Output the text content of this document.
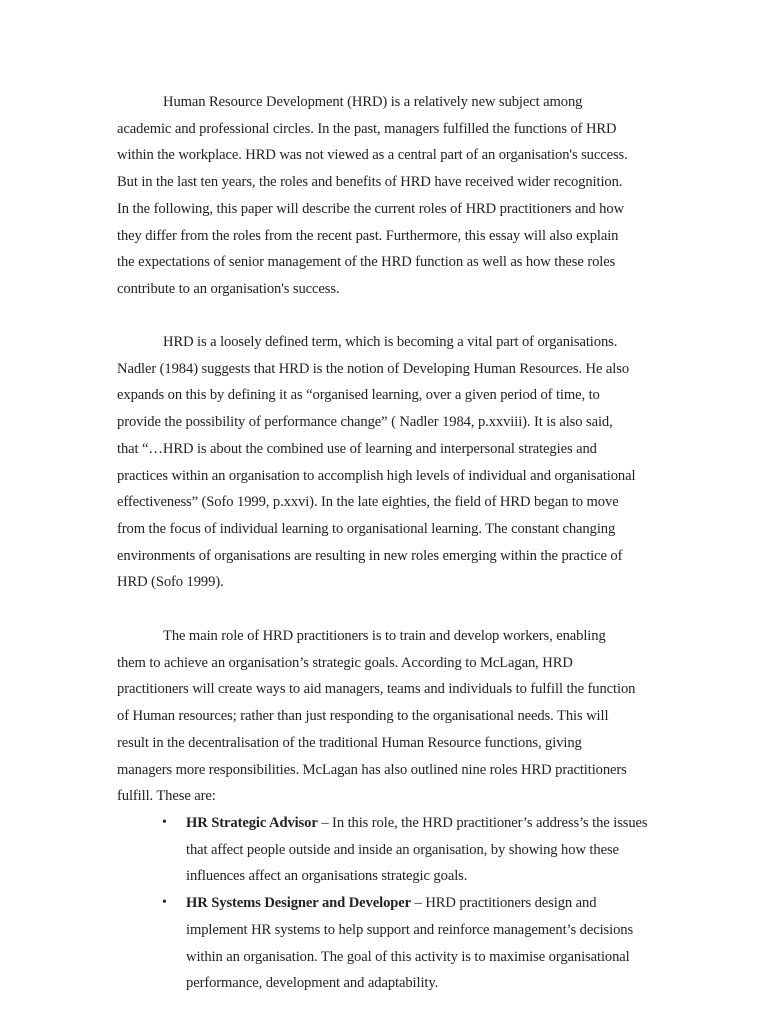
Human Resource Development (HRD) is a relatively new subject among academic and professional circles. In the past, managers fulfilled the functions of HRD within the workplace. HRD was not viewed as a central part of an organisation's success. But in the last ten years, the roles and benefits of HRD have received wider recognition. In the following, this paper will describe the current roles of HRD practitioners and how they differ from the roles from the recent past. Furthermore, this essay will also explain the expectations of senior management of the HRD function as well as how these roles contribute to an organisation's success.

HRD is a loosely defined term, which is becoming a vital part of organisations. Nadler (1984) suggests that HRD is the notion of Developing Human Resources. He also expands on this by defining it as “organised learning, over a given period of time, to provide the possibility of performance change” ( Nadler 1984, p.xxviii). It is also said, that “…HRD is about the combined use of learning and interpersonal strategies and practices within an organisation to accomplish high levels of individual and organisational effectiveness” (Sofo 1999, p.xxvi). In the late eighties, the field of HRD began to move from the focus of individual learning to organisational learning. The constant changing environments of organisations are resulting in new roles emerging within the practice of HRD (Sofo 1999).

The main role of HRD practitioners is to train and develop workers, enabling them to achieve an organisation’s strategic goals. According to McLagan, HRD practitioners will create ways to aid managers, teams and individuals to fulfill the function of Human resources; rather than just responding to the organisational needs. This will result in the decentralisation of the traditional Human Resource functions, giving managers more responsibilities. McLagan has also outlined nine roles HRD practitioners fulfill. These are:

• HR Strategic Advisor – In this role, the HRD practitioner’s address’s the issues that affect people outside and inside an organisation, by showing how these influences affect an organisations strategic goals.
• HR Systems Designer and Developer – HRD practitioners design and implement HR systems to help support and reinforce management’s decisions within an organisation. The goal of this activity is to maximise organisational performance, development and adaptability.
